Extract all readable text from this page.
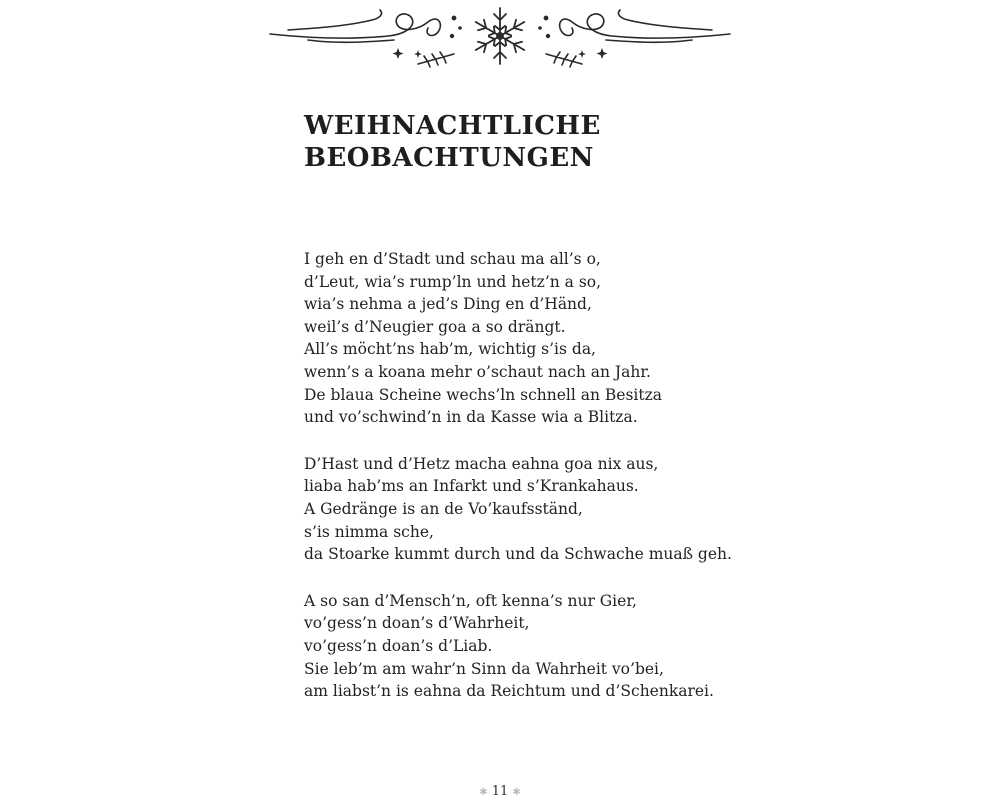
WEIHNACHTLICHE
BEOBACHTUNGEN
I geh en d’Stadt und schau ma all’s o,
d’Leut, wia’s rump’ln und hetz’n a so,
wia’s nehma a jed’s Ding en d’Händ,
weil’s d’Neugier goa a so drängt.
All’s möcht’ns hab’m, wichtig s’is da,
wenn’s a koana mehr o’schaut nach an Jahr.
De blaua Scheine wechs’ln schnell an Besitza
und vo’schwind’n in da Kasse wia a Blitza.
D’Hast und d’Hetz macha eahna goa nix aus,
liaba hab’ms an Infarkt und s’Krankahaus.
A Gedränge is an de Vo’kaufsständ,
s’is nimma sche,
da Stoarke kummt durch und da Schwache muaß geh.
A so san d’Mensch’n, oft kenna’s nur Gier,
vo’gess’n doan’s d’Wahrheit,
vo’gess’n doan’s d’Liab.
Sie leb’m am wahr’n Sinn da Wahrheit vo’bei,
am liabst’n is eahna da Reichtum und d’Schenkarei.
✱ 11 ✱
